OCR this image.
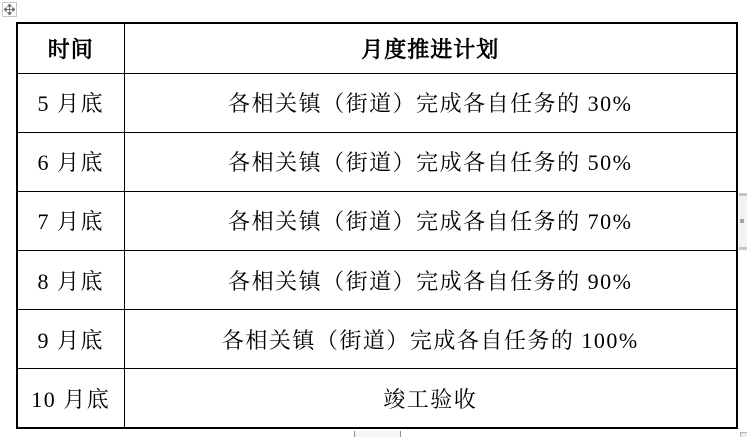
时间	月度推进计划
5 月底	各相关镇（街道）完成各自任务的 30%
6 月底	各相关镇（街道）完成各自任务的 50%
7 月底	各相关镇（街道）完成各自任务的 70%
8 月底	各相关镇（街道）完成各自任务的 90%
9 月底	各相关镇（街道）完成各自任务的 100%
10 月底	竣工验收
